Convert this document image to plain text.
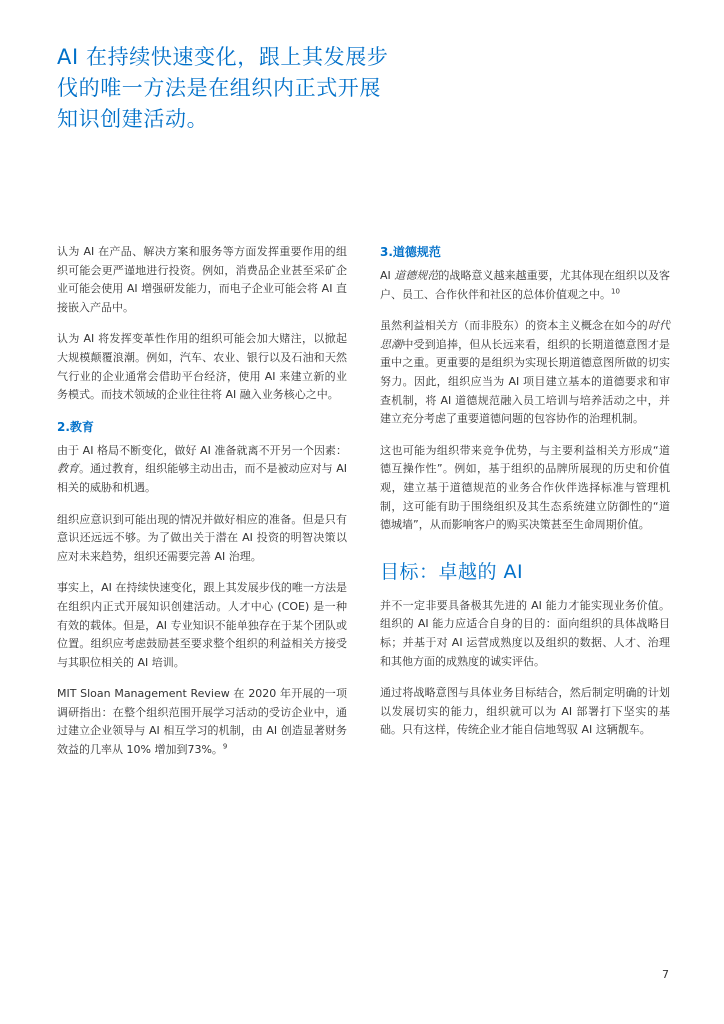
AI 在持续快速变化，跟上其发展步伐的唯一方法是在组织内正式开展知识创建活动。

认为 AI 在产品、解决方案和服务等方面发挥重要作用的组织可能会更严谨地进行投资。例如，消费品企业甚至采矿企业可能会使用 AI 增强研发能力，而电子企业可能会将 AI 直接嵌入产品中。

认为 AI 将发挥变革性作用的组织可能会加大赌注，以掀起大规模颠覆浪潮。例如，汽车、农业、银行以及石油和天然气行业的企业通常会借助平台经济，使用 AI 来建立新的业务模式。而技术领域的企业往往将 AI 融入业务核心之中。

2.教育

由于 AI 格局不断变化，做好 AI 准备就离不开另一个因素：教育。通过教育，组织能够主动出击，而不是被动应对与 AI 相关的威胁和机遇。

组织应意识到可能出现的情况并做好相应的准备。但是只有意识还远远不够。为了做出关于潜在 AI 投资的明智决策以应对未来趋势，组织还需要完善 AI 治理。

事实上，AI 在持续快速变化，跟上其发展步伐的唯一方法是在组织内正式开展知识创建活动。人才中心 (COE) 是一种有效的载体。但是，AI 专业知识不能单独存在于某个团队或位置。组织应考虑鼓励甚至要求整个组织的利益相关方接受与其职位相关的 AI 培训。

MIT Sloan Management Review 在 2020 年开展的一项调研指出：在整个组织范围开展学习活动的受访企业中，通过建立企业领导与 AI 相互学习的机制，由 AI 创造显著财务效益的几率从 10% 增加到73%。$^9$

3.道德规范

AI 道德规范的战略意义越来越重要，尤其体现在组织以及客户、员工、合作伙伴和社区的总体价值观之中。$^{10}$

虽然利益相关方（而非股东）的资本主义概念在如今的时代思潮中受到追捧，但从长远来看，组织的长期道德意图才是重中之重。更重要的是组织为实现长期道德意图所做的切实努力。因此，组织应当为 AI 项目建立基本的道德要求和审查机制，将 AI 道德规范融入员工培训与培养活动之中，并建立充分考虑了重要道德问题的包容协作的治理机制。

这也可能为组织带来竞争优势，与主要利益相关方形成“道德互操作性”。例如，基于组织的品牌所展现的历史和价值观，建立基于道德规范的业务合作伙伴选择标准与管理机制，这可能有助于围绕组织及其生态系统建立防御性的“道德城墙”，从而影响客户的购买决策甚至生命周期价值。

目标：卓越的 AI

并不一定非要具备极其先进的 AI 能力才能实现业务价值。组织的 AI 能力应适合自身的目的：面向组织的具体战略目标；并基于对 AI 运营成熟度以及组织的数据、人才、治理和其他方面的成熟度的诚实评估。

通过将战略意图与具体业务目标结合，然后制定明确的计划以发展切实的能力，组织就可以为 AI 部署打下坚实的基础。只有这样，传统企业才能自信地驾驭 AI 这辆靓车。

7
